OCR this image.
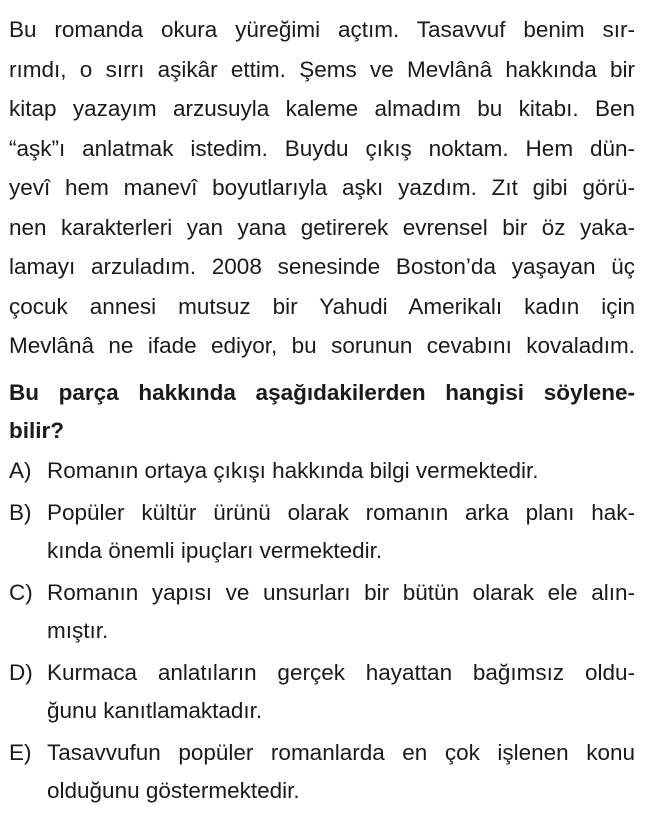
Bu romanda okura yüreğimi açtım. Tasavvuf benim sır-
rımdı, o sırrı aşikâr ettim. Şems ve Mevlânâ hakkında bir
kitap yazayım arzusuyla kaleme almadım bu kitabı. Ben
“aşk”ı anlatmak istedim. Buydu çıkış noktam. Hem dün-
yevî hem manevî boyutlarıyla aşkı yazdım. Zıt gibi görü-
nen karakterleri yan yana getirerek evrensel bir öz yaka-
lamayı arzuladım. 2008 senesinde Boston’da yaşayan üç
çocuk annesi mutsuz bir Yahudi Amerikalı kadın için
Mevlânâ ne ifade ediyor, bu sorunun cevabını kovaladım.
Bu parça hakkında aşağıdakilerden hangisi söylene-
bilir?
A) Romanın ortaya çıkışı hakkında bilgi vermektedir.
B) Popüler kültür ürünü olarak romanın arka planı hak-
kında önemli ipuçları vermektedir.
C) Romanın yapısı ve unsurları bir bütün olarak ele alın-
mıştır.
D) Kurmaca anlatıların gerçek hayattan bağımsız oldu-
ğunu kanıtlamaktadır.
E) Tasavvufun popüler romanlarda en çok işlenen konu
olduğunu göstermektedir.
